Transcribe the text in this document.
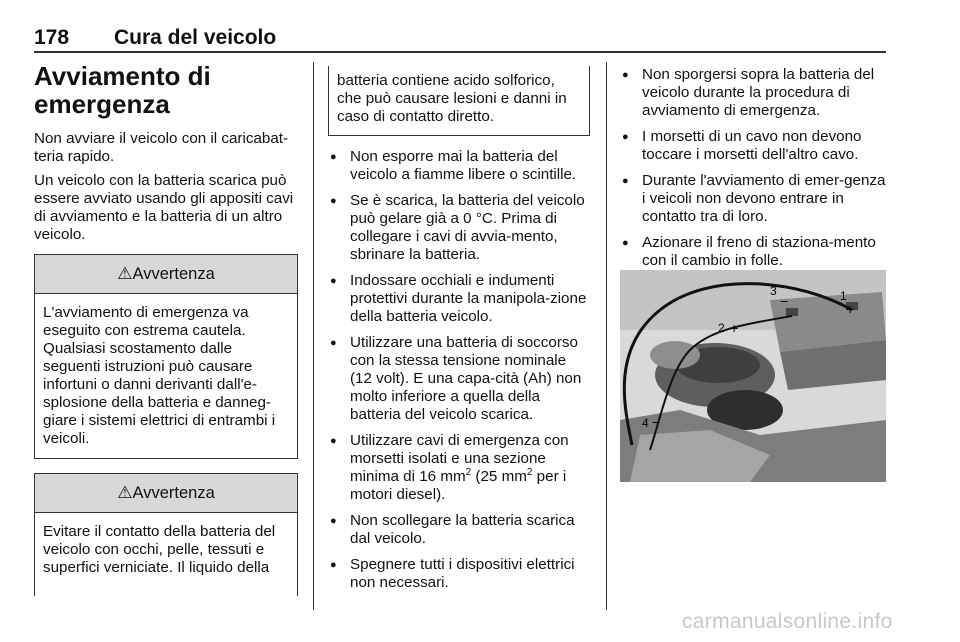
178 Cura del veicolo
Avviamento di emergenza

Non avviare il veicolo con il caricabat-teria rapido.

Un veicolo con la batteria scarica può essere avviato usando gli appositi cavi di avviamento e la batteria di un altro veicolo.

⚠Avvertenza
L'avviamento di emergenza va eseguito con estrema cautela. Qualsiasi scostamento dalle seguenti istruzioni può causare infortuni o danni derivanti dall'e-splosione della batteria e danneg-giare i sistemi elettrici di entrambi i veicoli.
⚠Avvertenza
Evitare il contatto della batteria del veicolo con occhi, pelle, tessuti e superfici verniciate. Il liquido della
batteria contiene acido solforico, che può causare lesioni e danni in caso di contatto diretto.
● Non esporre mai la batteria del veicolo a fiamme libere o scintille.
● Se è scarica, la batteria del veicolo può gelare già a 0 °C. Prima di collegare i cavi di avvia-mento, sbrinare la batteria.
● Indossare occhiali e indumenti protettivi durante la manipola-zione della batteria veicolo.
● Utilizzare una batteria di soccorso con la stessa tensione nominale (12 volt). E una capa-cità (Ah) non molto inferiore a quella della batteria del veicolo scarica.
● Utilizzare cavi di emergenza con morsetti isolati e una sezione minima di 16 $mm^2$ (25 $mm^2$ per i motori diesel).
● Non scollegare la batteria scarica dal veicolo.
● Spegnere tutti i dispositivi elettrici non necessari.
● Non sporgersi sopra la batteria del veicolo durante la procedura di avviamento di emergenza.
● I morsetti di un cavo non devono toccare i morsetti dell'altro cavo.
● Durante l'avviamento di emer-genza i veicoli non devono entrare in contatto tra di loro.
● Azionare il freno di staziona-mento con il cambio in folle.
3
−	1
+
2 +
4 −
carmanualsonline.info
